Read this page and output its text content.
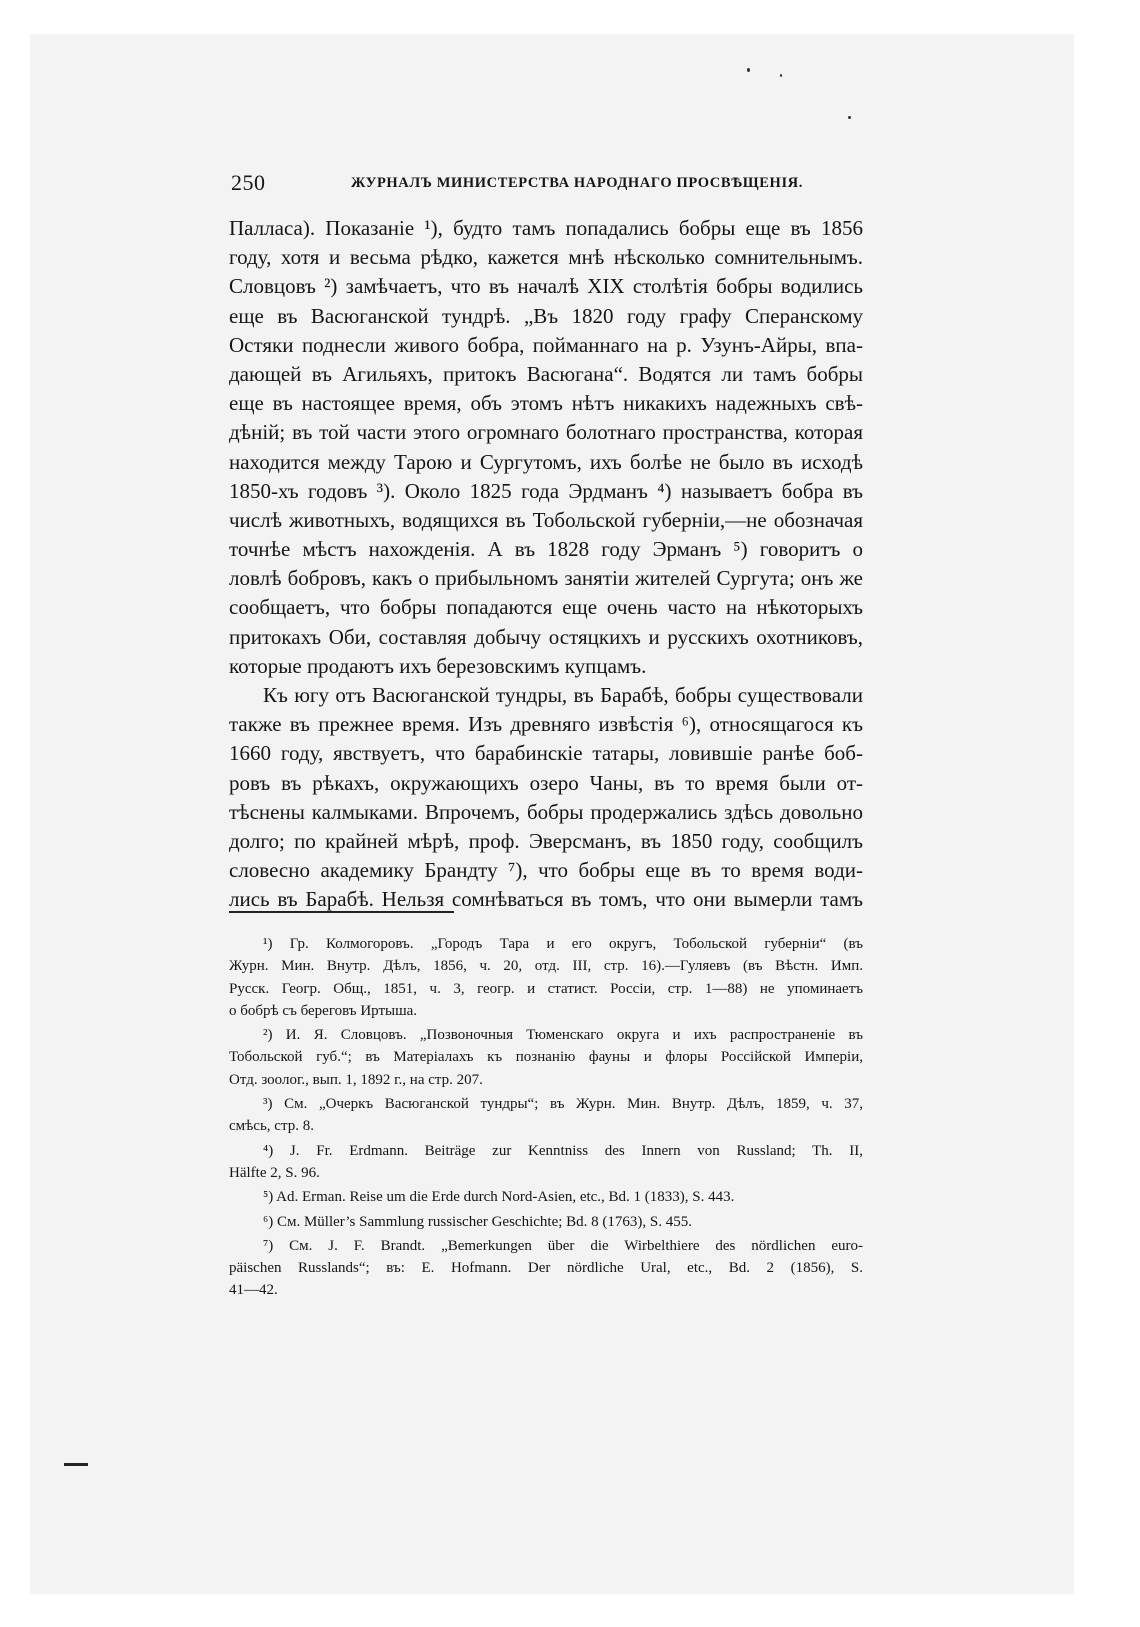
250	ЖУРНАЛЪ МИНИСТЕРСТВА НАРОДНАГО ПРОСВѢЩЕНІЯ.
Палласа). Показаніе ¹), будто тамъ попадались бобры еще въ 1856
году, хотя и весьма рѣдко, кажется мнѣ нѣсколько сомнительнымъ.
Словцовъ ²) замѣчаетъ, что въ началѣ XIX столѣтія бобры водились
еще въ Васюганской тундрѣ. „Въ 1820 году графу Сперанскому
Остяки поднесли живого бобра, пойманнаго на р. Узунъ-Айры, впа-
дающей въ Агильяхъ, притокъ Васюгана“. Водятся ли тамъ бобры
еще въ настоящее время, объ этомъ нѣтъ никакихъ надежныхъ свѣ-
дѣній; въ той части этого огромнаго болотнаго пространства, которая
находится между Тарою и Сургутомъ, ихъ болѣе не было въ исходѣ
1850-хъ годовъ ³). Около 1825 года Эрдманъ ⁴) называетъ бобра въ
числѣ животныхъ, водящихся въ Тобольской губерніи,—не обозначая
точнѣе мѣстъ нахожденія. А въ 1828 году Эрманъ ⁵) говоритъ о
ловлѣ бобровъ, какъ о прибыльномъ занятіи жителей Сургута; онъ же
сообщаетъ, что бобры попадаются еще очень часто на нѣкоторыхъ
притокахъ Оби, составляя добычу остяцкихъ и русскихъ охотниковъ,
которые продаютъ ихъ березовскимъ купцамъ.
Къ югу отъ Васюганской тундры, въ Барабѣ, бобры существовали
также въ прежнее время. Изъ древняго извѣстія ⁶), относящагося къ
1660 году, явствуетъ, что барабинскіе татары, ловившіе ранѣе боб-
ровъ въ рѣкахъ, окружающихъ озеро Чаны, въ то время были от-
тѣснены калмыками. Впрочемъ, бобры продержались здѣсь довольно
долго; по крайней мѣрѣ, проф. Эверсманъ, въ 1850 году, сообщилъ
словесно академику Брандту ⁷), что бобры еще въ то время води-
лись въ Барабѣ. Нельзя сомнѣваться въ томъ, что они вымерли тамъ
¹) Гр. Колмогоровъ. „Городъ Тара и его округъ, Тобольской губерніи“ (въ
Журн. Мин. Внутр. Дѣлъ, 1856, ч. 20, отд. III, стр. 16).—Гуляевъ (въ Вѣстн. Имп.
Русск. Геогр. Общ., 1851, ч. 3, геогр. и статист. Россіи, стр. 1—88) не упоминаетъ
о бобрѣ съ береговъ Иртыша.
²) И. Я. Словцовъ. „Позвоночныя Тюменскаго округа и ихъ распространеніе въ
Тобольской губ.“; въ Матеріалахъ къ познанію фауны и флоры Россійской Имперіи,
Отд. зоолог., вып. 1, 1892 г., на стр. 207.
³) См. „Очеркъ Васюганской тундры“; въ Журн. Мин. Внутр. Дѣлъ, 1859, ч. 37,
смѣсь, стр. 8.
⁴) J. Fr. Erdmann. Beiträge zur Kenntniss des Innern von Russland; Th. II,
Hälfte 2, S. 96.
⁵) Ad. Erman. Reise um die Erde durch Nord-Asien, etc., Bd. 1 (1833), S. 443.
⁶) См. Müller’s Sammlung russischer Geschichte; Bd. 8 (1763), S. 455.
⁷) См. J. F. Brandt. „Bemerkungen über die Wirbelthiere des nördlichen euro-
päischen Russlands“; въ: E. Hofmann. Der nördliche Ural, etc., Bd. 2 (1856), S.
41—42.
